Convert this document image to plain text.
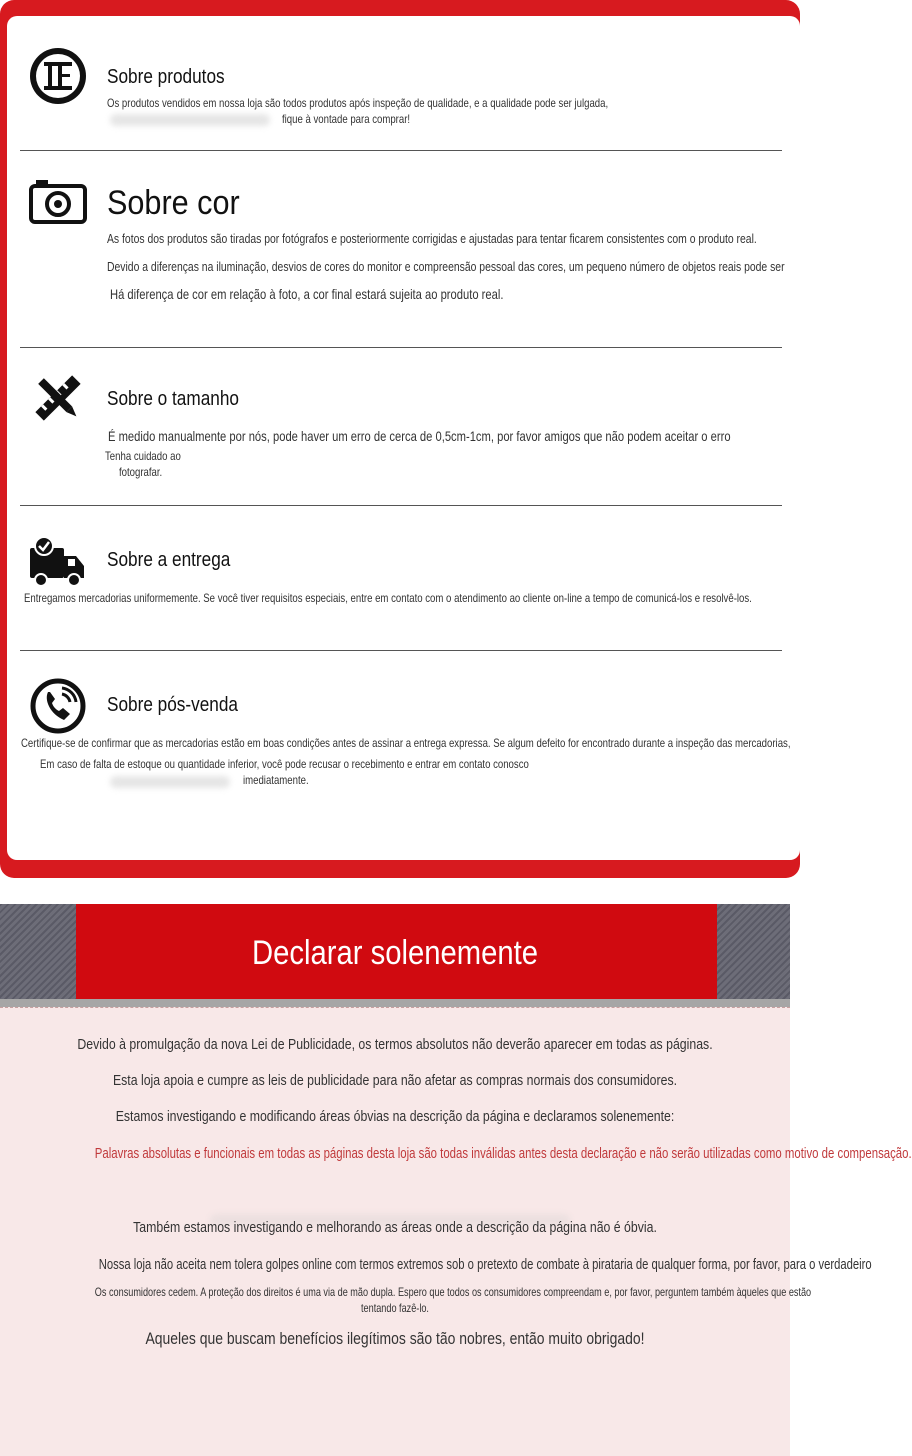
Sobre produtos
Os produtos vendidos em nossa loja são todos produtos após inspeção de qualidade, e a qualidade pode ser julgada,
fique à vontade para comprar!
Sobre cor
As fotos dos produtos são tiradas por fotógrafos e posteriormente corrigidas e ajustadas para tentar ficarem consistentes com o produto real.
Devido a diferenças na iluminação, desvios de cores do monitor e compreensão pessoal das cores, um pequeno número de objetos reais pode ser
Há diferença de cor em relação à foto, a cor final estará sujeita ao produto real.
Sobre o tamanho
É medido manualmente por nós, pode haver um erro de cerca de 0,5cm-1cm, por favor amigos que não podem aceitar o erro
Tenha cuidado ao
fotografar.
Sobre a entrega
Entregamos mercadorias uniformemente. Se você tiver requisitos especiais, entre em contato com o atendimento ao cliente on-line a tempo de comunicá-los e resolvê-los.
Sobre pós-venda
Certifique-se de confirmar que as mercadorias estão em boas condições antes de assinar a entrega expressa. Se algum defeito for encontrado durante a inspeção das mercadorias,
Em caso de falta de estoque ou quantidade inferior, você pode recusar o recebimento e entrar em contato conosco
imediatamente.
Declarar solenemente
Devido à promulgação da nova Lei de Publicidade, os termos absolutos não deverão aparecer em todas as páginas.
Esta loja apoia e cumpre as leis de publicidade para não afetar as compras normais dos consumidores.
Estamos investigando e modificando áreas óbvias na descrição da página e declaramos solenemente:
Palavras absolutas e funcionais em todas as páginas desta loja são todas inválidas antes desta declaração e não serão utilizadas como motivo de compensação.
Também estamos investigando e melhorando as áreas onde a descrição da página não é óbvia.
Nossa loja não aceita nem tolera golpes online com termos extremos sob o pretexto de combate à pirataria de qualquer forma, por favor, para o verdadeiro
Os consumidores cedem. A proteção dos direitos é uma via de mão dupla. Espero que todos os consumidores compreendam e, por favor, perguntem também àqueles que estão
tentando fazê-lo.
Aqueles que buscam benefícios ilegítimos são tão nobres, então muito obrigado!
